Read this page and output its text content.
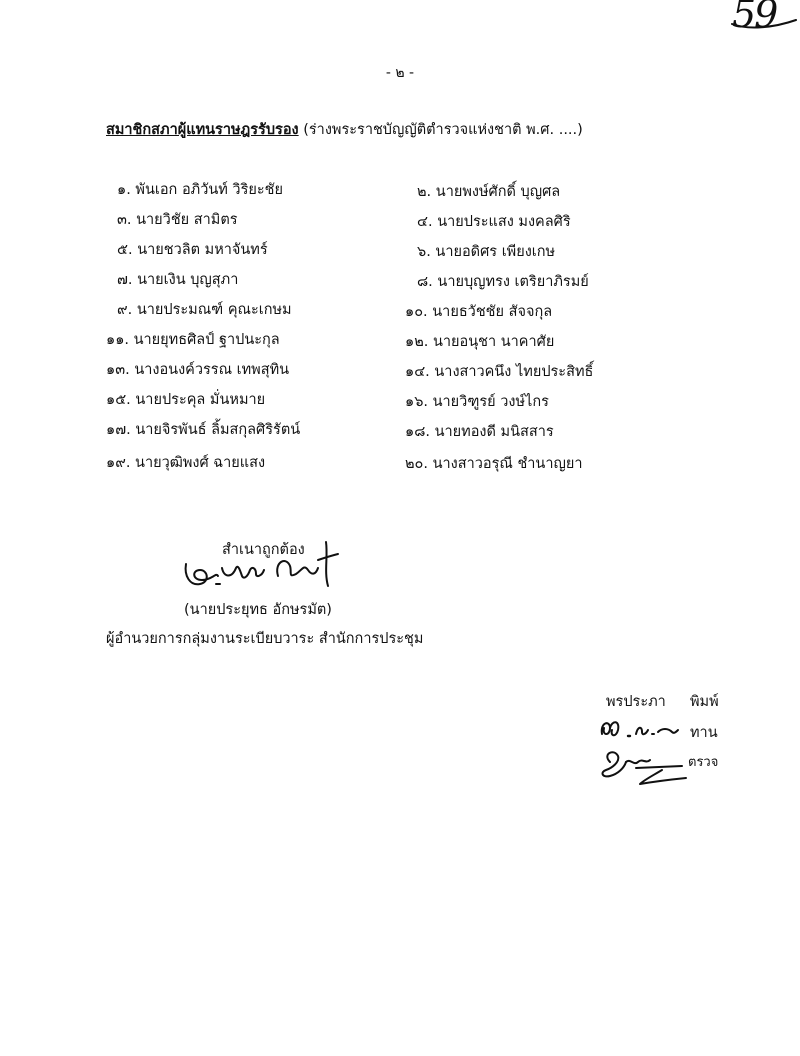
59
- ๒ -
สมาชิกสภาผู้แทนราษฎรรับรอง (ร่างพระราชบัญญัติตำรวจแห่งชาติ พ.ศ. ....)
๑. พันเอก อภิวันท์ วิริยะชัย
๓. นายวิชัย สามิตร
๕. นายชวลิต มหาจันทร์
๗. นายเงิน บุญสุภา
๙. นายประมณฑ์ คุณะเกษม
๑๑. นายยุทธศิลป์ ฐาปนะกุล
๑๓. นางอนงค์วรรณ เทพสุทิน
๑๕. นายประคุล มั่นหมาย
๑๗. นายจิรพันธ์ ลิ้มสกุลศิริรัตน์
๑๙. นายวุฒิพงศ์ ฉายแสง
๒. นายพงษ์ศักดิ์ บุญศล
๔. นายประแสง มงคลศิริ
๖. นายอดิศร เพียงเกษ
๘. นายบุญทรง เตริยาภิรมย์
๑๐. นายธวัชชัย สัจจกุล
๑๒. นายอนุชา นาคาศัย
๑๔. นางสาวคนึง ไทยประสิทธิ์
๑๖. นายวิฑูรย์ วงษ์ไกร
๑๘. นายทองดี มนิสสาร
๒๐. นางสาวอรุณี ชำนาญยา
สำเนาถูกต้อง
(นายประยุทธ อักษรมัต)
ผู้อำนวยการกลุ่มงานระเบียบวาระ สำนักการประชุม
พรประภา พิมพ์
ทาน
ตรวจ
